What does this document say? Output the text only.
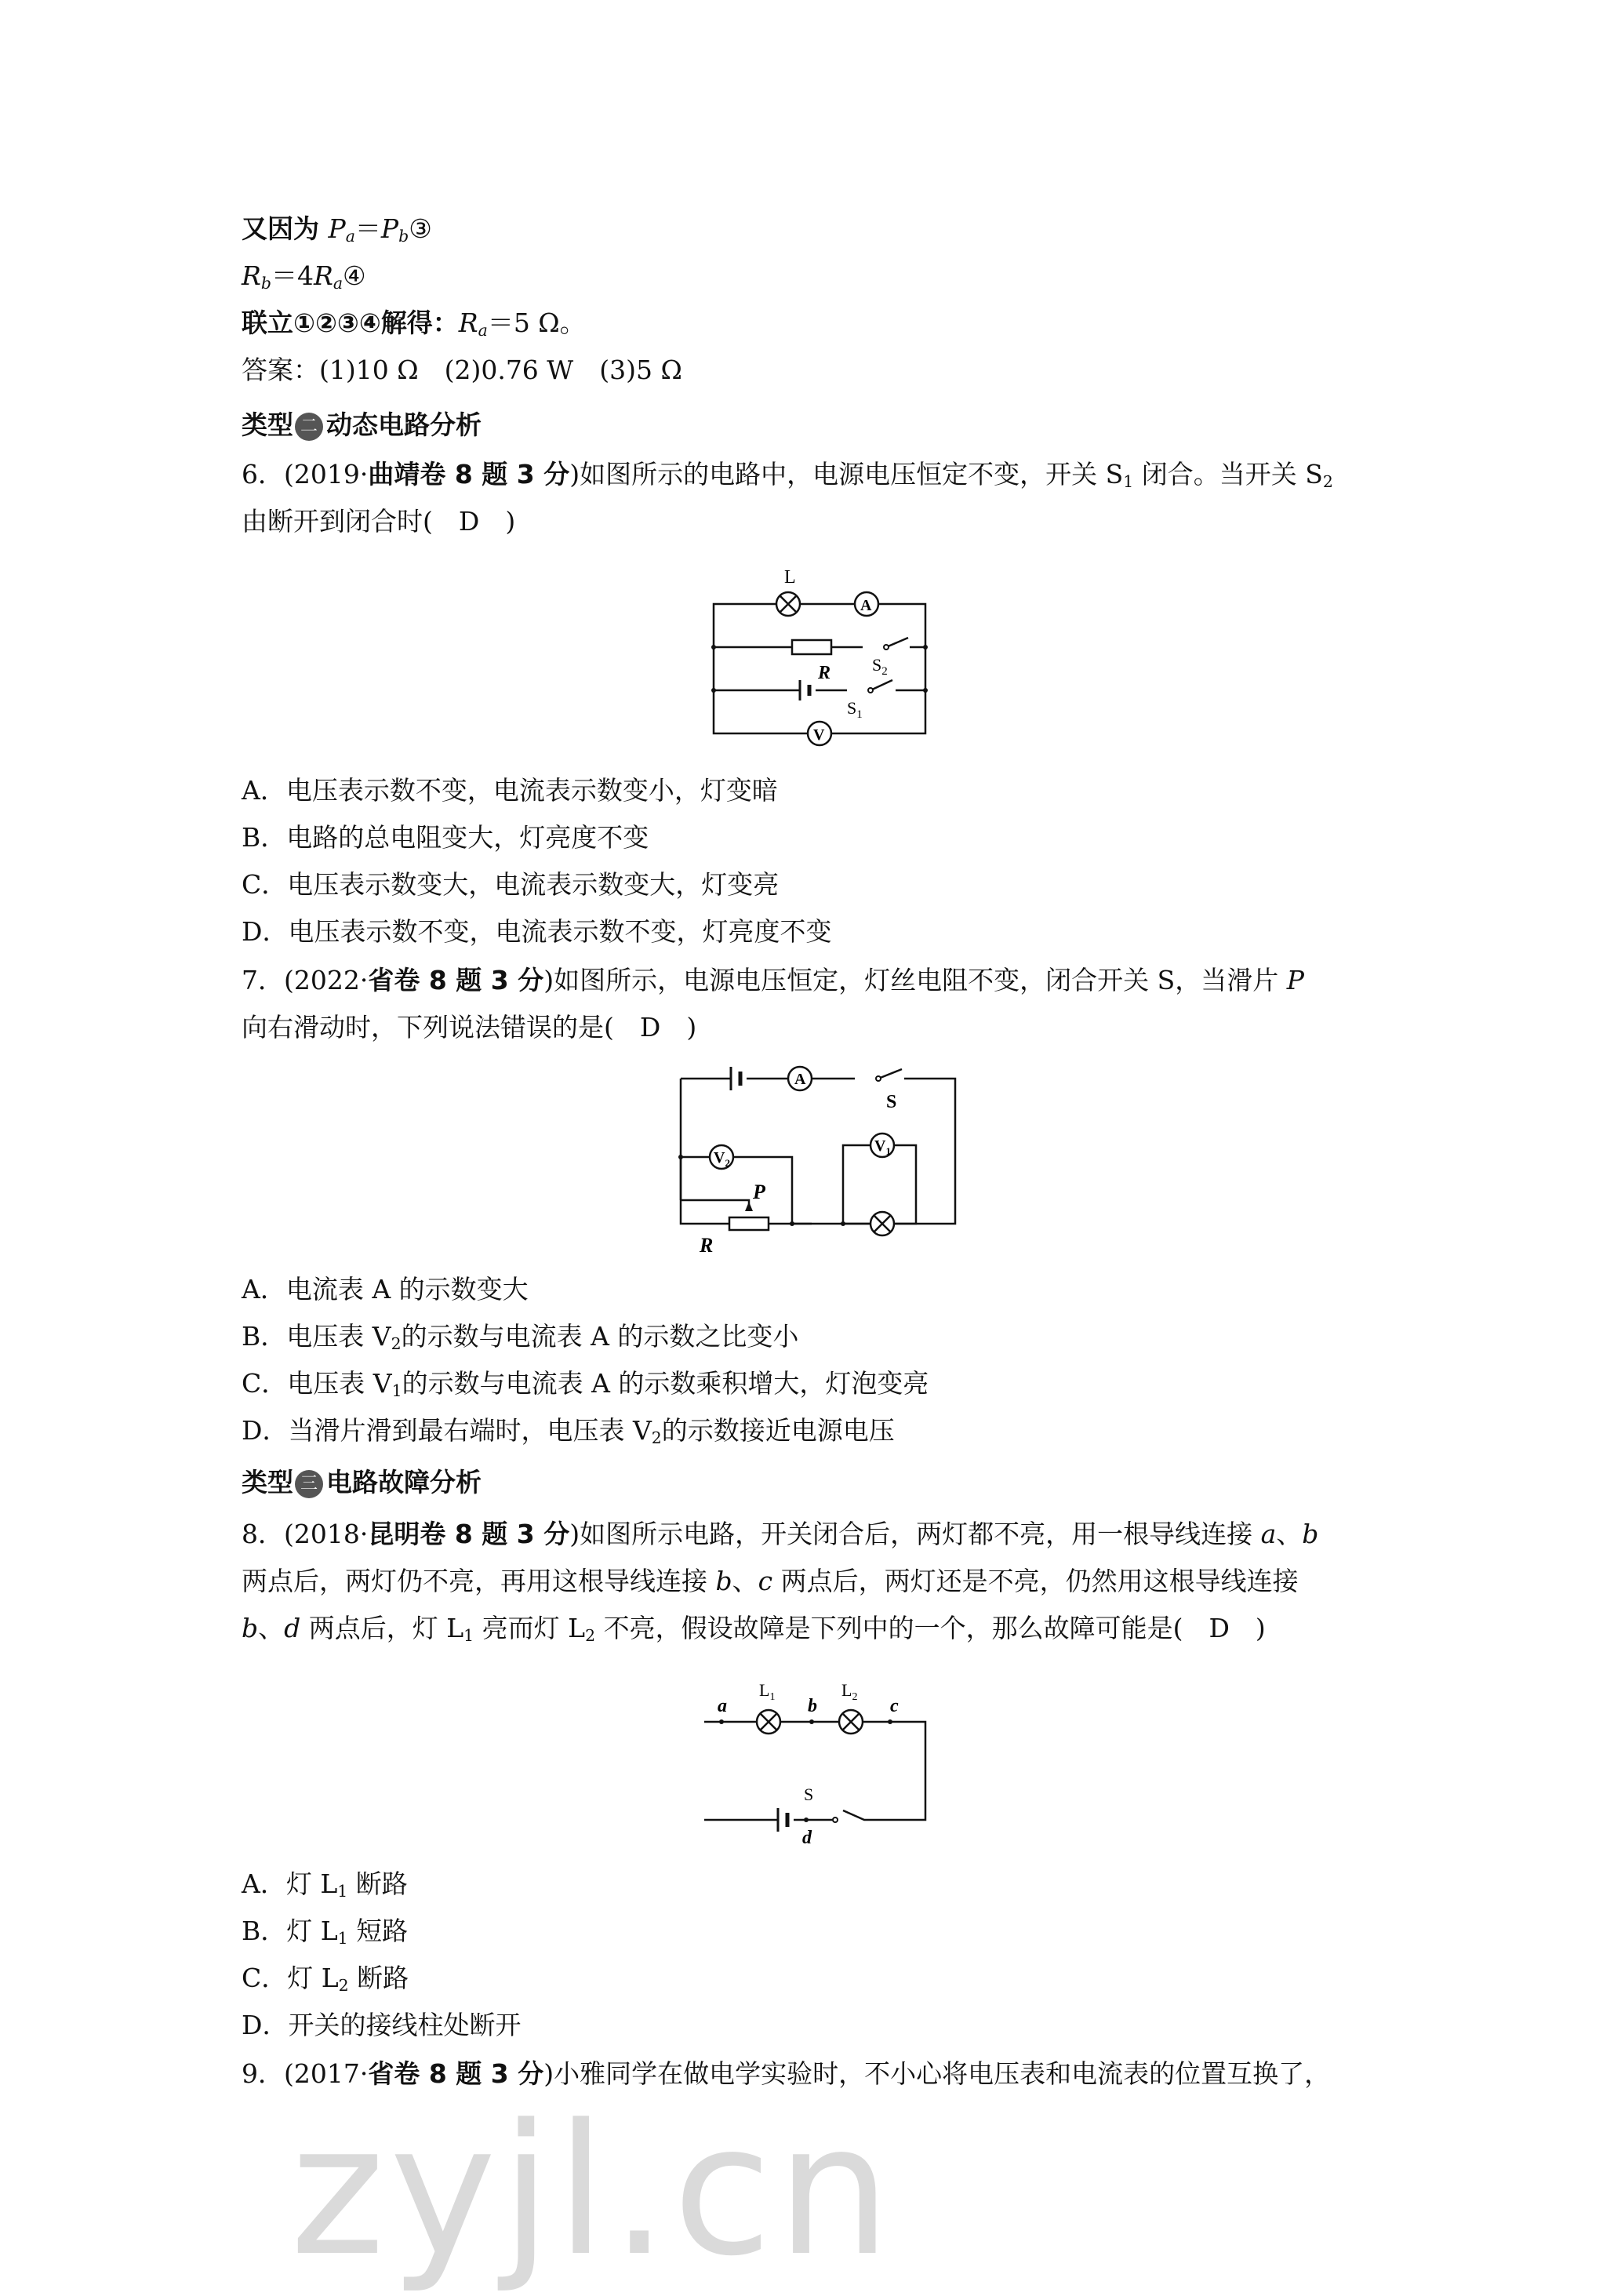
又因为 $P_a=P_b③$
$R_b=4R_a④$
联立①②③④解得：$R_a=5$ Ω。
答案：(1)10 Ω　(2)0.76 W　(3)5 Ω
类型 二 动态电路分析
6．(2019·曲靖卷 8 题 3 分)如图所示的电路中，电源电压恒定不变，开关 $S_1$ 闭合。当开关 $S_2$
由断开到闭合时(　D　)
L
A
V
R $S_2$
$S_1$
A．电压表示数不变，电流表示数变小，灯变暗
B．电路的总电阻变大，灯亮度不变
C．电压表示数变大，电流表示数变大，灯变亮
D．电压表示数不变，电流表示数不变，灯亮度不变
7．(2022·省卷 8 题 3 分)如图所示，电源电压恒定，灯丝电阻不变，闭合开关 S，当滑片 P
向右滑动时，下列说法错误的是(　D　)
A
S
$V_2$
$V_1$
P
R
A．电流表 A 的示数变大
B．电压表 $V_2$的示数与电流表 A 的示数之比变小
C．电压表 $V_1$的示数与电流表 A 的示数乘积增大，灯泡变亮
D．当滑片滑到最右端时，电压表 $V_2$的示数接近电源电压
类型 三 电路故障分析
8．(2018·昆明卷 8 题 3 分)如图所示电路，开关闭合后，两灯都不亮，用一根导线连接 a、b
两点后，两灯仍不亮，再用这根导线连接 b、c 两点后，两灯还是不亮，仍然用这根导线连接
b、d 两点后，灯 $L_1$ 亮而灯 $L_2$ 不亮，假设故障是下列中的一个，那么故障可能是(　D　)
a	b	c
d
$L_1$	$L_2$
S
A．灯 $L_1$ 断路
B．灯 $L_1$ 短路
C．灯 $L_2$ 断路
D．开关的接线柱处断开
9．(2017·省卷 8 题 3 分)小雅同学在做电学实验时，不小心将电压表和电流表的位置互换了，
zyjl.cn
